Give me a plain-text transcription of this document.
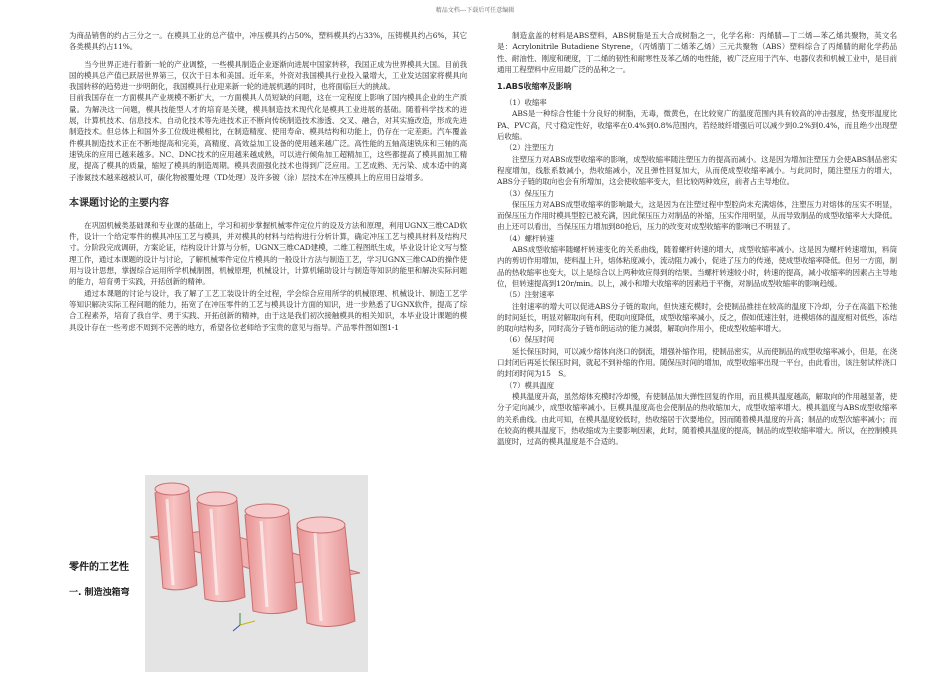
精品文档---下载后可任意编辑

为商品销售的约占三分之一。在模具工业的总产值中，冲压模具约占50%，塑料模具约占33%，压铸模具约占6%，其它各类模具约占11%。

当今世界正进行着新一轮的产业调整，一些模具制造企业逐渐向进展中国家转移，我国正成为世界模具大国。目前我国的模具总产值已跃居世界第三，仅次于日本和美国。近年来，外资对我国模具行业投入量增大，工业发达国家将模具向我国转移的趋势进一步明朗化，我国模具行业迎来新一轮的进展机遇的同时，也将面临巨大的挑战。

目前我国存在一方面模具产业规模不断扩大，一方面模具人员短缺的问题，这在一定程度上影响了国内模具企业的生产质量。为解决这一问题，模具技能型人才的培育是关键，模具制造技术现代化是模具工业进展的基础。随着科学技术的进展，计算机技术、信息技术、自动化技术等先进技术正不断向传统制造技术渗透、交叉、融合，对其实施改造，形成先进制造技术。但总体上和国外多工位级进模相比，在制造精度、使用寿命、模具结构和功能上，仍存在一定差距。汽车覆盖件模具制造技术正在不断地提高和完美，高精度、高效益加工设备的使用越来越广泛。高性能的五轴高速铣床和三轴的高速铣床的应用已越来越多。NC、DNC技术的应用越来越成熟，可以进行倾角加工超精加工，这些都提高了模具面加工精度，提高了模具的质量，缩短了模具的制造周期。模具表面强化技术也得到广泛应用。工艺成熟、无污染、成本适中的离子渗氮技术越来越被认可，碳化物被覆处理（TD处理）及许多镀（涂）层技术在冲压模具上的应用日益增多。

本课题讨论的主要内容

在巩固机械类基础课和专业课的基础上，学习和初步掌握机械零件定位片的设及方法和原理，利用UGNX三维CAD软件，设计一个给定零件的模具冲压工艺与模具，并对模具的材料与结构进行分析计算，确定冲压工艺与模具材料及结构尺寸。分阶段完成调研，方案论证，结构设计计算与分析，UGNX三维CAD建模，二维工程图纸生成，毕业设计论文写与整理工作，通过本课题的设计与讨论，了解机械零件定位片模具的一般设计方法与制造工艺，学习UGNX三维CAD的操作使用与设计思想，掌握综合运用所学机械制图，机械原理，机械设计，计算机辅助设计与制造等知识的能里和解决实际问题的能力，培育勇于实践，开括创新的精神。

通过本课题的讨论与设计，我了解了工艺工装设计的全过程，学会综合应用所学的机械原理、机械设计、制造工艺学等知识解决实际工程问题的能力，拓宽了在冲压零件的工艺与模具设计方面的知识，进一步熟悉了UGNX软件，提高了综合工程素养，培育了我自学、勇于实践、开拓创新的精神，由于这是我们初次接触模具的相关知识，本毕业设计课题的模具设计存在一些考虑不周到不完善的地方，希望各位老师给予宝贵的意见与指导。产品零件图如图1-1

零件的工艺性
一. 制造浊箱弯

制造盒盖的材料是ABS塑料，ABS树脂是五大合成树脂之一，化学名称：丙烯腈—丁二烯—苯乙烯共聚物，英文名是：Acrylonitrile Butadiene Styrene，（丙烯腈丁二烯苯乙烯）三元共聚物（ABS）塑料综合了丙烯腈的耐化学药品性、耐油性、刚度和硬度，丁二烯的韧性和耐寒性及苯乙烯的电性能，被广泛应用于汽车、电器仪表和机械工业中，是目前通用工程塑料中应用最广泛的品种之一。

1.ABS收缩率及影响

（1）收缩率

ABS是一种综合性能十分良好的树脂，无毒，微黄色，在比较宽广的温度范围内具有较高的冲击强度，热变形温度比PA、PVC高，尺寸稳定性好，收缩率在0.4%到0.8%范围内，若经玻纤增强后可以减少到0.2%到0.4%，而且绝少出现塑后收缩。

（2）注塑压力

注塑压力对ABS成型收缩率的影响，成型收缩率随注塑压力的提高而减小。这是因为增加注塑压力会使ABS制品密实程度增加，线胀系数减小，热收缩减小，况且弹性回复加大，从而使成型收缩率减小。与此同时，随注塑压力的增大，ABS分子链的取向也会有所增加，这会使收缩率变大，但比较两种效应，前者占主导地位。

（3）保压压力

保压压力对ABS成型收缩率的影响最大，这是因为在注塑过程中型腔尚未充满熔体，注塑压力对熔体的压实不明显，而保压压力作用时模具型腔已被充满，因此保压压力对制品的补缩，压实作用明显，从而导致制品的成型收缩率大大降低。由上还可以看出，当保压压力增加到80抢后，压力的改变对成型收缩率的影响已不明显了。

（4）螺杆转速

ABS成型收缩率随螺杆转速变化的关系曲线，随着螺杆转速的增大，成型收缩率减小。这是因为螺杆转速增加，料筒内的剪切作用增加，使料温上升，熔体粘度减小，流动阻力减小，促进了压力的传递，使成型收缩率降低。但另一方面，制品的热收缩率也变大，以上是综合以上两种效应得到的结果。当螺杆转速较小时，转速的提高，减小收缩率的因素占主导地位，但转速提高到120r/min。以上，减小和增大收缩率的因素趋于平衡，对制品成型收缩率的影响趋缓。

（5）注射速率

注射速率的增大可以促进ABS分子链的取向，但快速充模时，会使制品推挂在较高的温度下冷却，分子在高温下松弛的时间延长，明显对解取向有利，使取向度降低，成型收缩率减小，反之，假如低速注射，进模熔体的温度相对低些，冻结的取向结构多，同时高分子链布朗运动的能力减弱，解取向作用小，使成型收缩率增大。

（6）保压时间

延长保压时间，可以减少熔体向浇口的倒流，增强补缩作用，使制品密实，从而使制品的成型收缩率减小，但是，在浇口封闭后再延长保压时间，就起不到补缩的作用。随保压时间的增加，成型收缩率出现一平台，由此看出，该注射试样浇口的封闭时间为15　S。

（7）模具温度

模具温度升高，虽然熔体充模时冷却慢，有使制品加大弹性回复的作用，而且模具温度越高，解取向的作用越显著，使分子定向减少，成型收缩率减小。巨模具温度高也会使制品的热收缩加大，成型收缩率增大。模具温度与ABS成型收缩率的关系曲线。由此可知，在模具温度较低时，热收缩居于次要地位，因而随着模具温度的升高；制品的成型次缩率减小；而在较高的模具温度下，热收缩成为主要影响因素，此时，随着模具温度的提高，制品的成型收缩率增大。所以，在控制模具温度时，过高的模具温度是不合适的。
